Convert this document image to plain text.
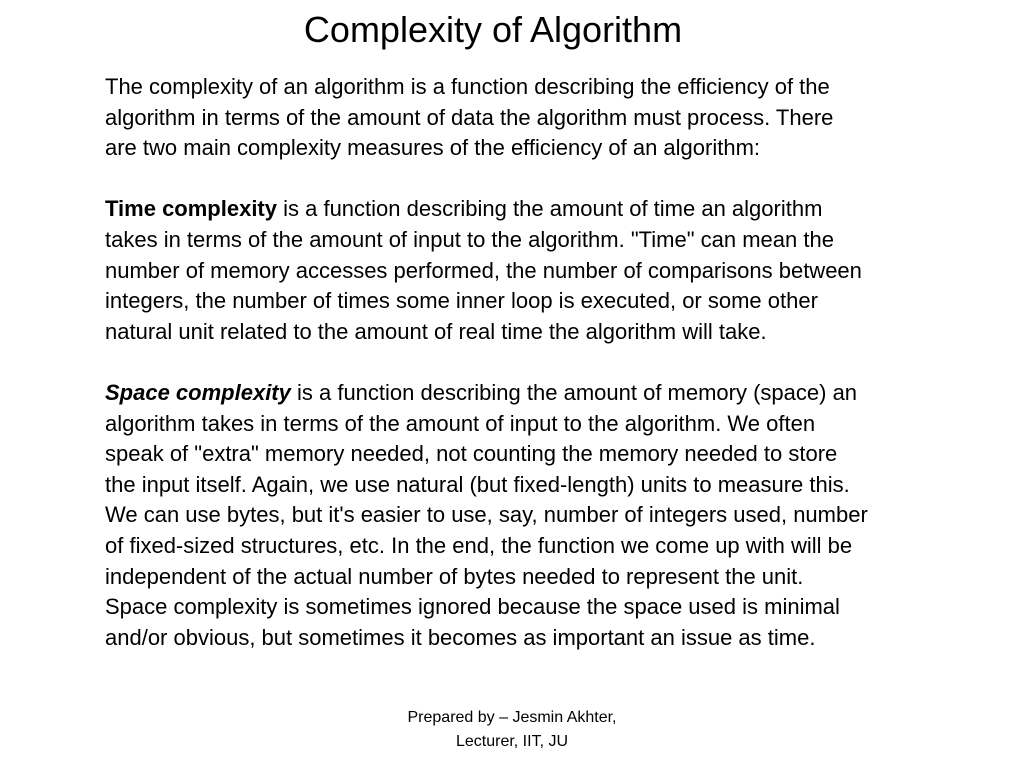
Complexity of Algorithm

The complexity of an algorithm is a function describing the efficiency of the
algorithm in terms of the amount of data the algorithm must process. There
are two main complexity measures of the efficiency of an algorithm:

Time complexity is a function describing the amount of time an algorithm
takes in terms of the amount of input to the algorithm. "Time" can mean the
number of memory accesses performed, the number of comparisons between
integers, the number of times some inner loop is executed, or some other
natural unit related to the amount of real time the algorithm will take.

Space complexity is a function describing the amount of memory (space) an
algorithm takes in terms of the amount of input to the algorithm. We often
speak of "extra" memory needed, not counting the memory needed to store
the input itself. Again, we use natural (but fixed-length) units to measure this.
We can use bytes, but it's easier to use, say, number of integers used, number
of fixed-sized structures, etc. In the end, the function we come up with will be
independent of the actual number of bytes needed to represent the unit.
Space complexity is sometimes ignored because the space used is minimal
and/or obvious, but sometimes it becomes as important an issue as time.

Prepared by – Jesmin Akhter,
Lecturer, IIT, JU
